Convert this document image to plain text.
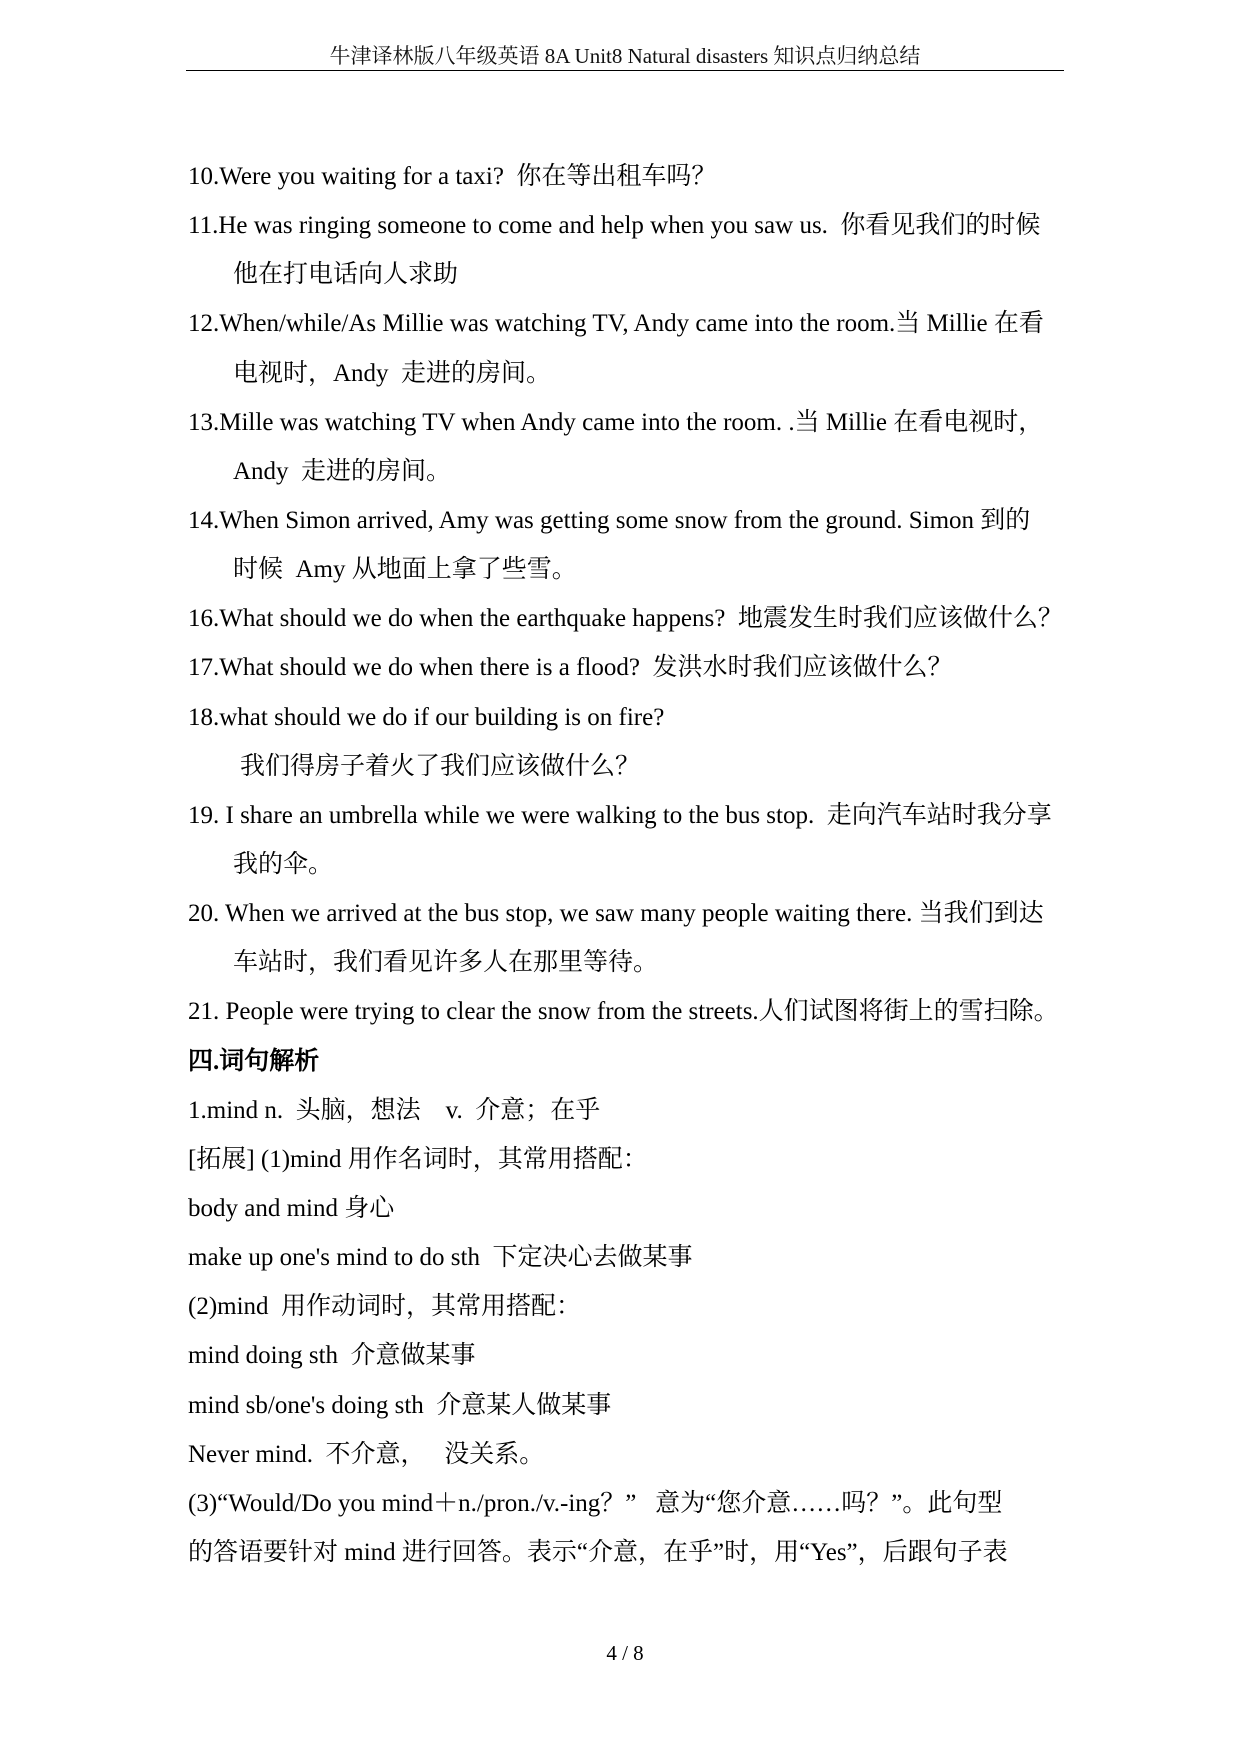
牛津译林版八年级英语 8A Unit8 Natural disasters 知识点归纳总结
10.Were you waiting for a taxi?  你在等出租车吗？
11.He was ringing someone to come and help when you saw us.  你看见我们的时候
他在打电话向人求助
12.When/while/As Millie was watching TV, Andy came into the room.当 Millie 在看
电视时，Andy  走进的房间。
13.Mille was watching TV when Andy came into the room. .当 Millie 在看电视时，
Andy  走进的房间。
14.When Simon arrived, Amy was getting some snow from the ground. Simon 到的
时候  Amy 从地面上拿了些雪。
16.What should we do when the earthquake happens?  地震发生时我们应该做什么？
17.What should we do when there is a flood?  发洪水时我们应该做什么？
18.what should we do if our building is on fire?
我们得房子着火了我们应该做什么？
19. I share an umbrella while we were walking to the bus stop.  走向汽车站时我分享
我的伞。
20. When we arrived at the bus stop, we saw many people waiting there. 当我们到达
车站时，我们看见许多人在那里等待。
21. People were trying to clear the snow from the streets.人们试图将街上的雪扫除。
四.词句解析
1.mind n.  头脑，想法    v.  介意；在乎
[拓展] (1)mind 用作名词时，其常用搭配：
body and mind 身心
make up one's mind to do sth  下定决心去做某事
(2)mind  用作动词时，其常用搭配：
mind doing sth  介意做某事
mind sb/one's doing sth  介意某人做某事
Never mind.  不介意，   没关系。
(3)“Would/Do you mind＋n./pron./v.-ing？”   意为“您介意……吗？”。此句型
的答语要针对 mind 进行回答。表示“介意，在乎”时，用“Yes”，后跟句子表
4 / 8
